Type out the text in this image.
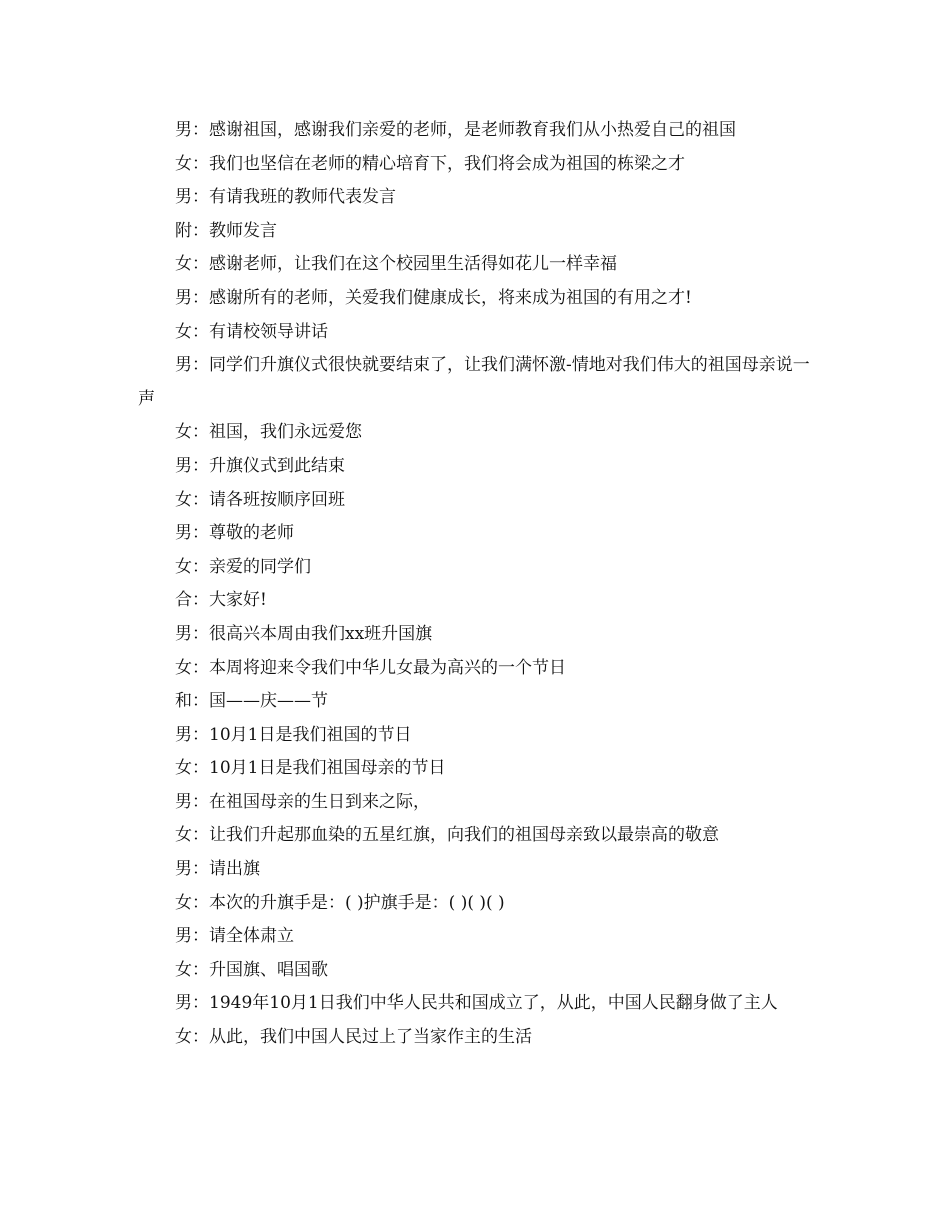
男：感谢祖国，感谢我们亲爱的老师，是老师教育我们从小热爱自己的祖国

女：我们也坚信在老师的精心培育下，我们将会成为祖国的栋梁之才

男：有请我班的教师代表发言

附：教师发言

女：感谢老师，让我们在这个校园里生活得如花儿一样幸福

男：感谢所有的老师，关爱我们健康成长，将来成为祖国的有用之才!

女：有请校领导讲话

男：同学们升旗仪式很快就要结束了，让我们满怀激-情地对我们伟大的祖国母亲说一声

女：祖国，我们永远爱您

男：升旗仪式到此结束

女：请各班按顺序回班

男：尊敬的老师

女：亲爱的同学们

合：大家好!

男：很高兴本周由我们xx班升国旗

女：本周将迎来令我们中华儿女最为高兴的一个节日

和：国——庆——节

男：10月1日是我们祖国的节日

女：10月1日是我们祖国母亲的节日

男：在祖国母亲的生日到来之际，

女：让我们升起那血染的五星红旗，向我们的祖国母亲致以最崇高的敬意

男：请出旗

女：本次的升旗手是：( )护旗手是：( )( )( )

男：请全体肃立

女：升国旗、唱国歌

男：1949年10月1日我们中华人民共和国成立了，从此，中国人民翻身做了主人

女：从此，我们中国人民过上了当家作主的生活
